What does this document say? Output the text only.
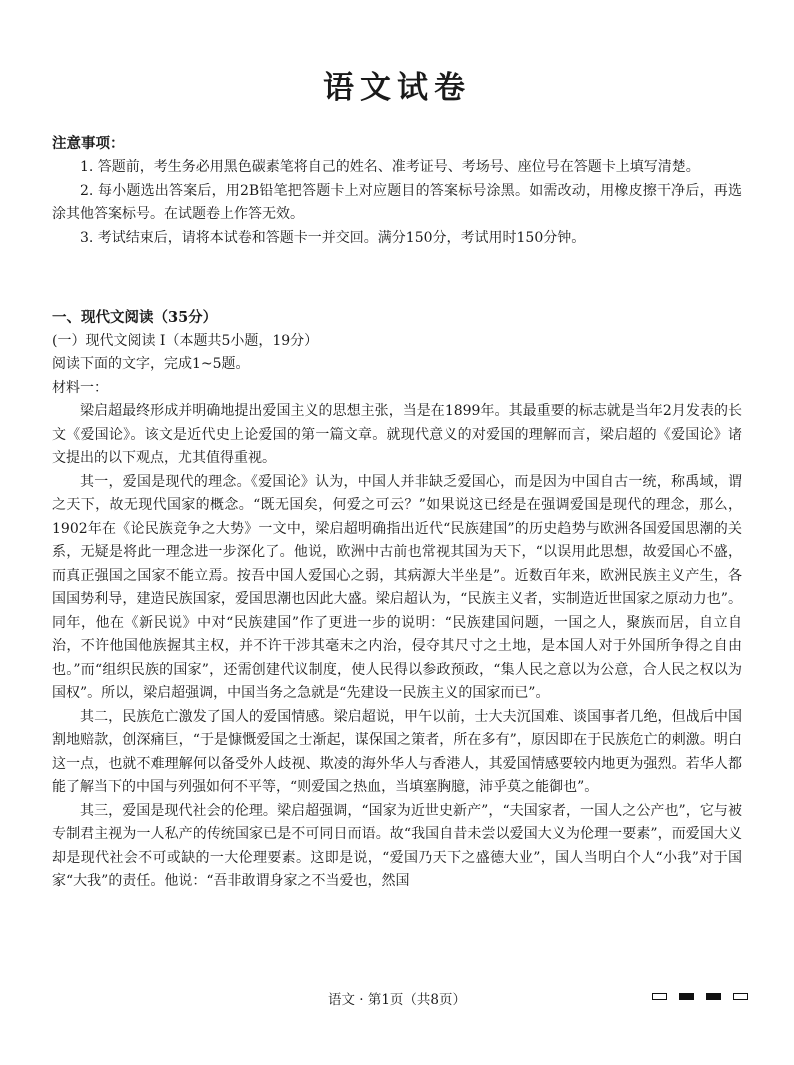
语文试卷
注意事项：

1. 答题前，考生务必用黑色碳素笔将自己的姓名、准考证号、考场号、座位号在答题卡上填写清楚。

2. 每小题选出答案后，用2B铅笔把答题卡上对应题目的答案标号涂黑。如需改动，用橡皮擦干净后，再选涂其他答案标号。在试题卷上作答无效。

3. 考试结束后，请将本试卷和答题卡一并交回。满分150分，考试用时150分钟。

一、现代文阅读（35分）

(一）现代文阅读 I（本题共5小题，19分）

阅读下面的文字，完成1~5题。

材料一：

梁启超最终形成并明确地提出爱国主义的思想主张，当是在1899年。其最重要的标志就是当年2月发表的长文《爱国论》。该文是近代史上论爱国的第一篇文章。就现代意义的对爱国的理解而言，梁启超的《爱国论》诸文提出的以下观点，尤其值得重视。

其一，爱国是现代的理念。《爱国论》认为，中国人并非缺乏爱国心，而是因为中国自古一统，称禹域，谓之天下，故无现代国家的概念。“既无国矣，何爱之可云？”如果说这已经是在强调爱国是现代的理念，那么，1902年在《论民族竞争之大势》一文中，梁启超明确指出近代“民族建国”的历史趋势与欧洲各国爱国思潮的关系，无疑是将此一理念进一步深化了。他说，欧洲中古前也常视其国为天下，“以误用此思想，故爱国心不盛，而真正强国之国家不能立焉。按吾中国人爱国心之弱，其病源大半坐是”。近数百年来，欧洲民族主义产生，各国国势利导，建造民族国家，爱国思潮也因此大盛。梁启超认为，“民族主义者，实制造近世国家之原动力也”。同年，他在《新民说》中对“民族建国”作了更进一步的说明：“民族建国问题，一国之人，聚族而居，自立自治，不许他国他族握其主权，并不许干涉其毫末之内治，侵夺其尺寸之土地，是本国人对于外国所争得之自由也。”而“组织民族的国家”，还需创建代议制度，使人民得以参政预政，“集人民之意以为公意，合人民之权以为国权”。所以，梁启超强调，中国当务之急就是“先建设一民族主义的国家而已”。

其二，民族危亡激发了国人的爱国情感。梁启超说，甲午以前，士大夫沉国难、谈国事者几绝，但战后中国割地赔款，创深痛巨，“于是慷慨爱国之士渐起，谋保国之策者，所在多有”，原因即在于民族危亡的刺激。明白这一点，也就不难理解何以备受外人歧视、欺凌的海外华人与香港人，其爱国情感要较内地更为强烈。若华人都能了解当下的中国与列强如何不平等，“则爱国之热血，当填塞胸臆，沛乎莫之能御也”。

其三，爱国是现代社会的伦理。梁启超强调，“国家为近世史新产”，“夫国家者，一国人之公产也”，它与被专制君主视为一人私产的传统国家已是不可同日而语。故“我国自昔未尝以爱国大义为伦理一要素”，而爱国大义却是现代社会不可或缺的一大伦理要素。这即是说，“爱国乃天下之盛德大业”，国人当明白个人“小我”对于国家“大我”的责任。他说：“吾非敢谓身家之不当爱也，然国

语文 · 第1页（共8页）
